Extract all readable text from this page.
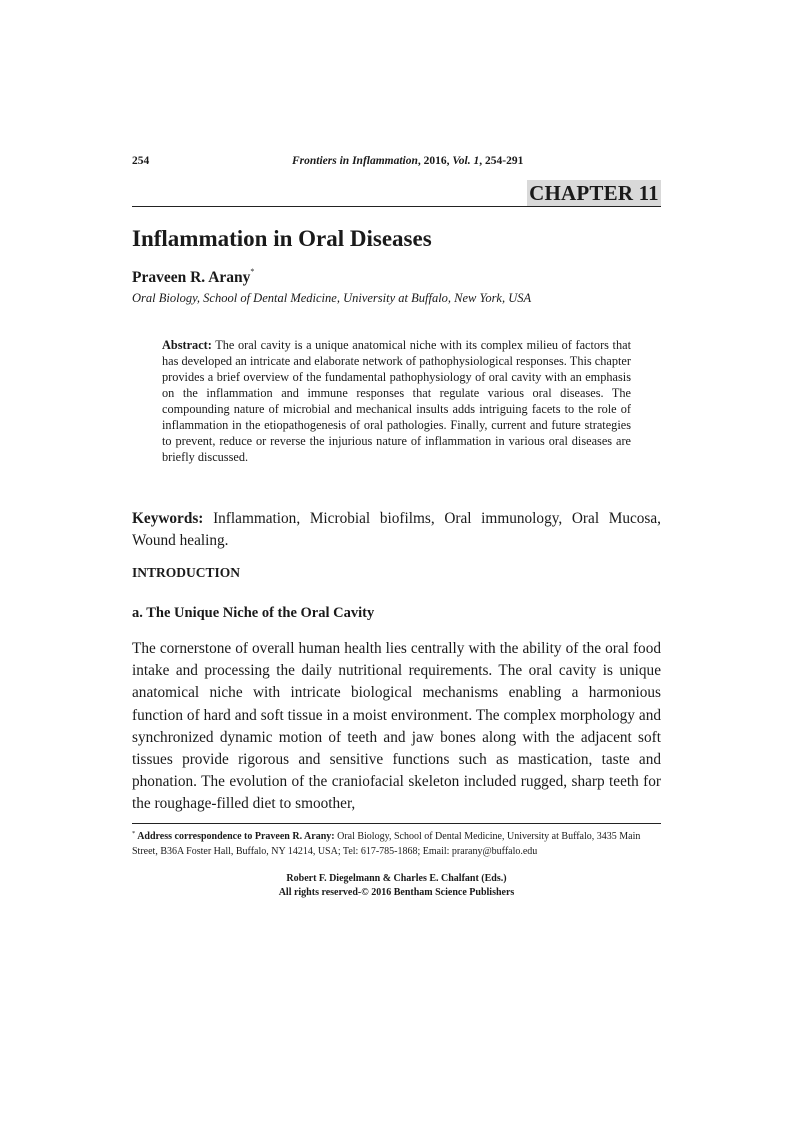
254	Frontiers in Inflammation, 2016, Vol. 1, 254-291
CHAPTER 11
Inflammation in Oral Diseases
Praveen R. Arany*
Oral Biology, School of Dental Medicine, University at Buffalo, New York, USA
Abstract: The oral cavity is a unique anatomical niche with its complex milieu of factors that has developed an intricate and elaborate network of pathophysiological responses. This chapter provides a brief overview of the fundamental pathophysiology of oral cavity with an emphasis on the inflammation and immune responses that regulate various oral diseases. The compounding nature of microbial and mechanical insults adds intriguing facets to the role of inflammation in the etiopathogenesis of oral pathologies. Finally, current and future strategies to prevent, reduce or reverse the injurious nature of inflammation in various oral diseases are briefly discussed.
Keywords: Inflammation, Microbial biofilms, Oral immunology, Oral Mucosa, Wound healing.
INTRODUCTION
a. The Unique Niche of the Oral Cavity
The cornerstone of overall human health lies centrally with the ability of the oral food intake and processing the daily nutritional requirements. The oral cavity is unique anatomical niche with intricate biological mechanisms enabling a harmonious function of hard and soft tissue in a moist environment. The complex morphology and synchronized dynamic motion of teeth and jaw bones along with the adjacent soft tissues provide rigorous and sensitive functions such as mastication, taste and phonation. The evolution of the craniofacial skeleton included rugged, sharp teeth for the roughage-filled diet to smoother,
* Address correspondence to Praveen R. Arany: Oral Biology, School of Dental Medicine, University at Buffalo, 3435 Main Street, B36A Foster Hall, Buffalo, NY 14214, USA; Tel: 617-785-1868; Email: prarany@buffalo.edu
Robert F. Diegelmann & Charles E. Chalfant (Eds.)
All rights reserved-© 2016 Bentham Science Publishers
